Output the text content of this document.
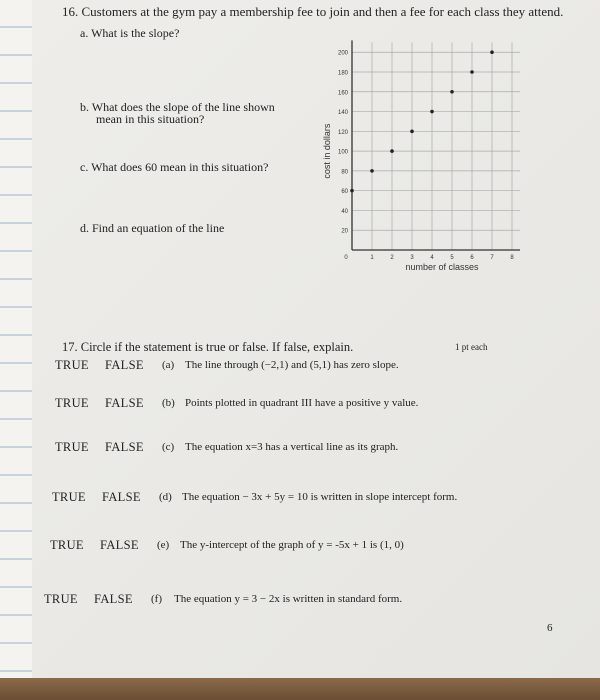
16. Customers at the gym pay a membership fee to join and then a fee for each class they attend.
a. What is the slope?
b. What does the slope of the line shown
mean in this situation?
c. What does 60 mean in this situation?
d. Find an equation of the line	20
40
60
80
100
120
140
160
180
200
0	1	2	3	4	5	6	7	8
number of classes
cost in dollars
17. Circle if the statement is true or false. If false, explain.	1 pt each
TRUE FALSE (a) The line through (−2,1) and (5,1) has zero slope.
TRUE FALSE (b) Points plotted in quadrant III have a positive y value.
TRUE FALSE (c) The equation x=3 has a vertical line as its graph.
TRUE FALSE (d) The equation − 3x + 5y = 10 is written in slope intercept form.
TRUE FALSE (e) The y-intercept of the graph of y = -5x + 1 is (1, 0)
TRUE FALSE (f) The equation y = 3 − 2x is written in standard form.
6
